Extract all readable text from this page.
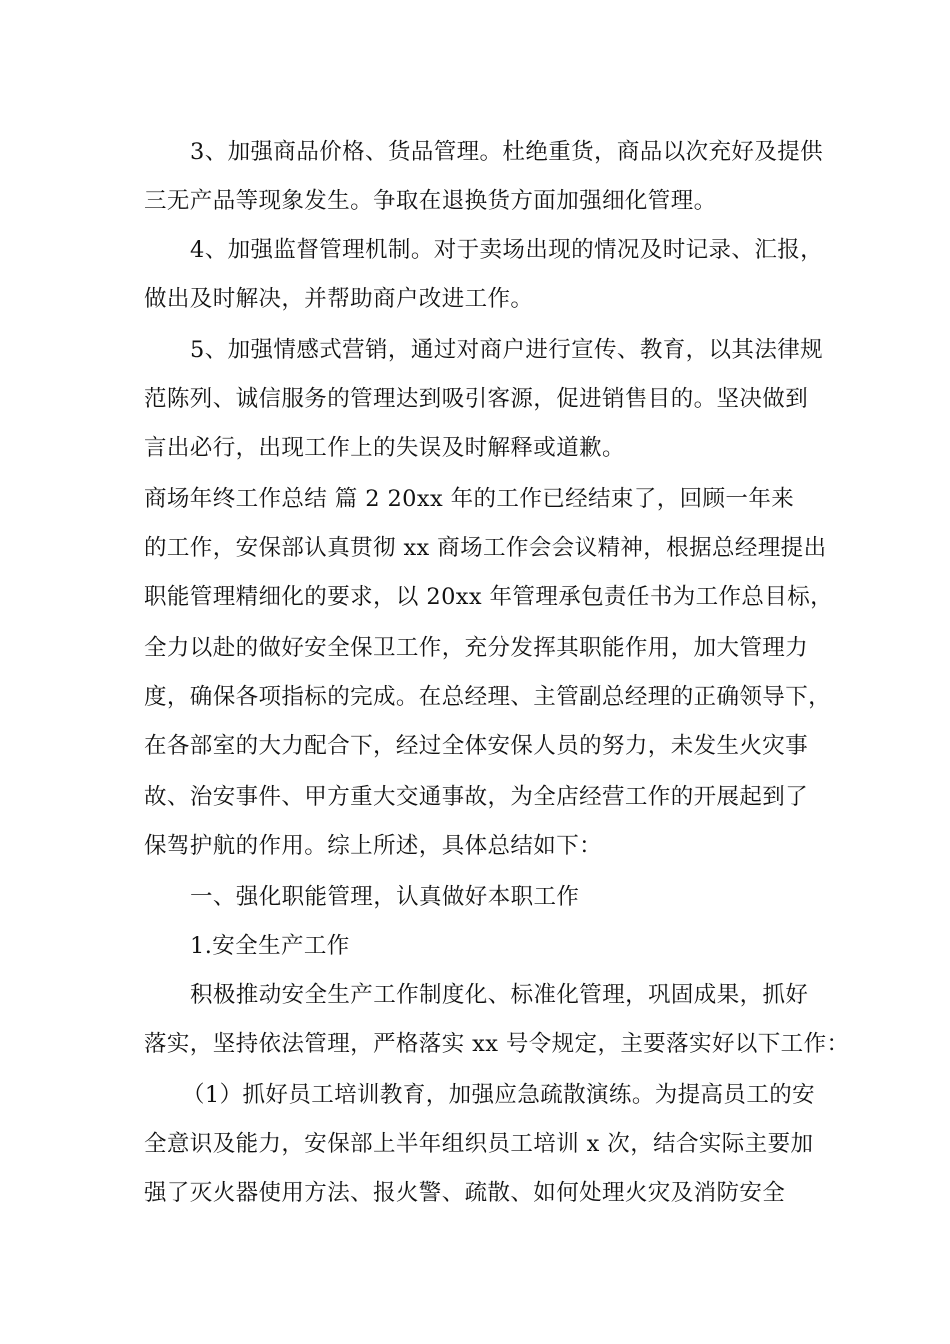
3、加强商品价格、货品管理。杜绝重货，商品以次充好及提供
三无产品等现象发生。争取在退换货方面加强细化管理。
4、加强监督管理机制。对于卖场出现的情况及时记录、汇报，
做出及时解决，并帮助商户改进工作。
5、加强情感式营销，通过对商户进行宣传、教育，以其法律规
范陈列、诚信服务的管理达到吸引客源，促进销售目的。坚决做到
言出必行，出现工作上的失误及时解释或道歉。
商场年终工作总结 篇 2 20xx 年的工作已经结束了，回顾一年来
的工作，安保部认真贯彻 xx 商场工作会会议精神，根据总经理提出
职能管理精细化的要求，以 20xx 年管理承包责任书为工作总目标，
全力以赴的做好安全保卫工作，充分发挥其职能作用，加大管理力
度，确保各项指标的完成。在总经理、主管副总经理的正确领导下，
在各部室的大力配合下，经过全体安保人员的努力，未发生火灾事
故、治安事件、甲方重大交通事故，为全店经营工作的开展起到了
保驾护航的作用。综上所述，具体总结如下：
一、强化职能管理，认真做好本职工作
1.安全生产工作
积极推动安全生产工作制度化、标准化管理，巩固成果，抓好
落实，坚持依法管理，严格落实 xx 号令规定，主要落实好以下工作：
（1）抓好员工培训教育，加强应急疏散演练。为提高员工的安
全意识及能力，安保部上半年组织员工培训 x 次，结合实际主要加
强了灭火器使用方法、报火警、疏散、如何处理火灾及消防安全
